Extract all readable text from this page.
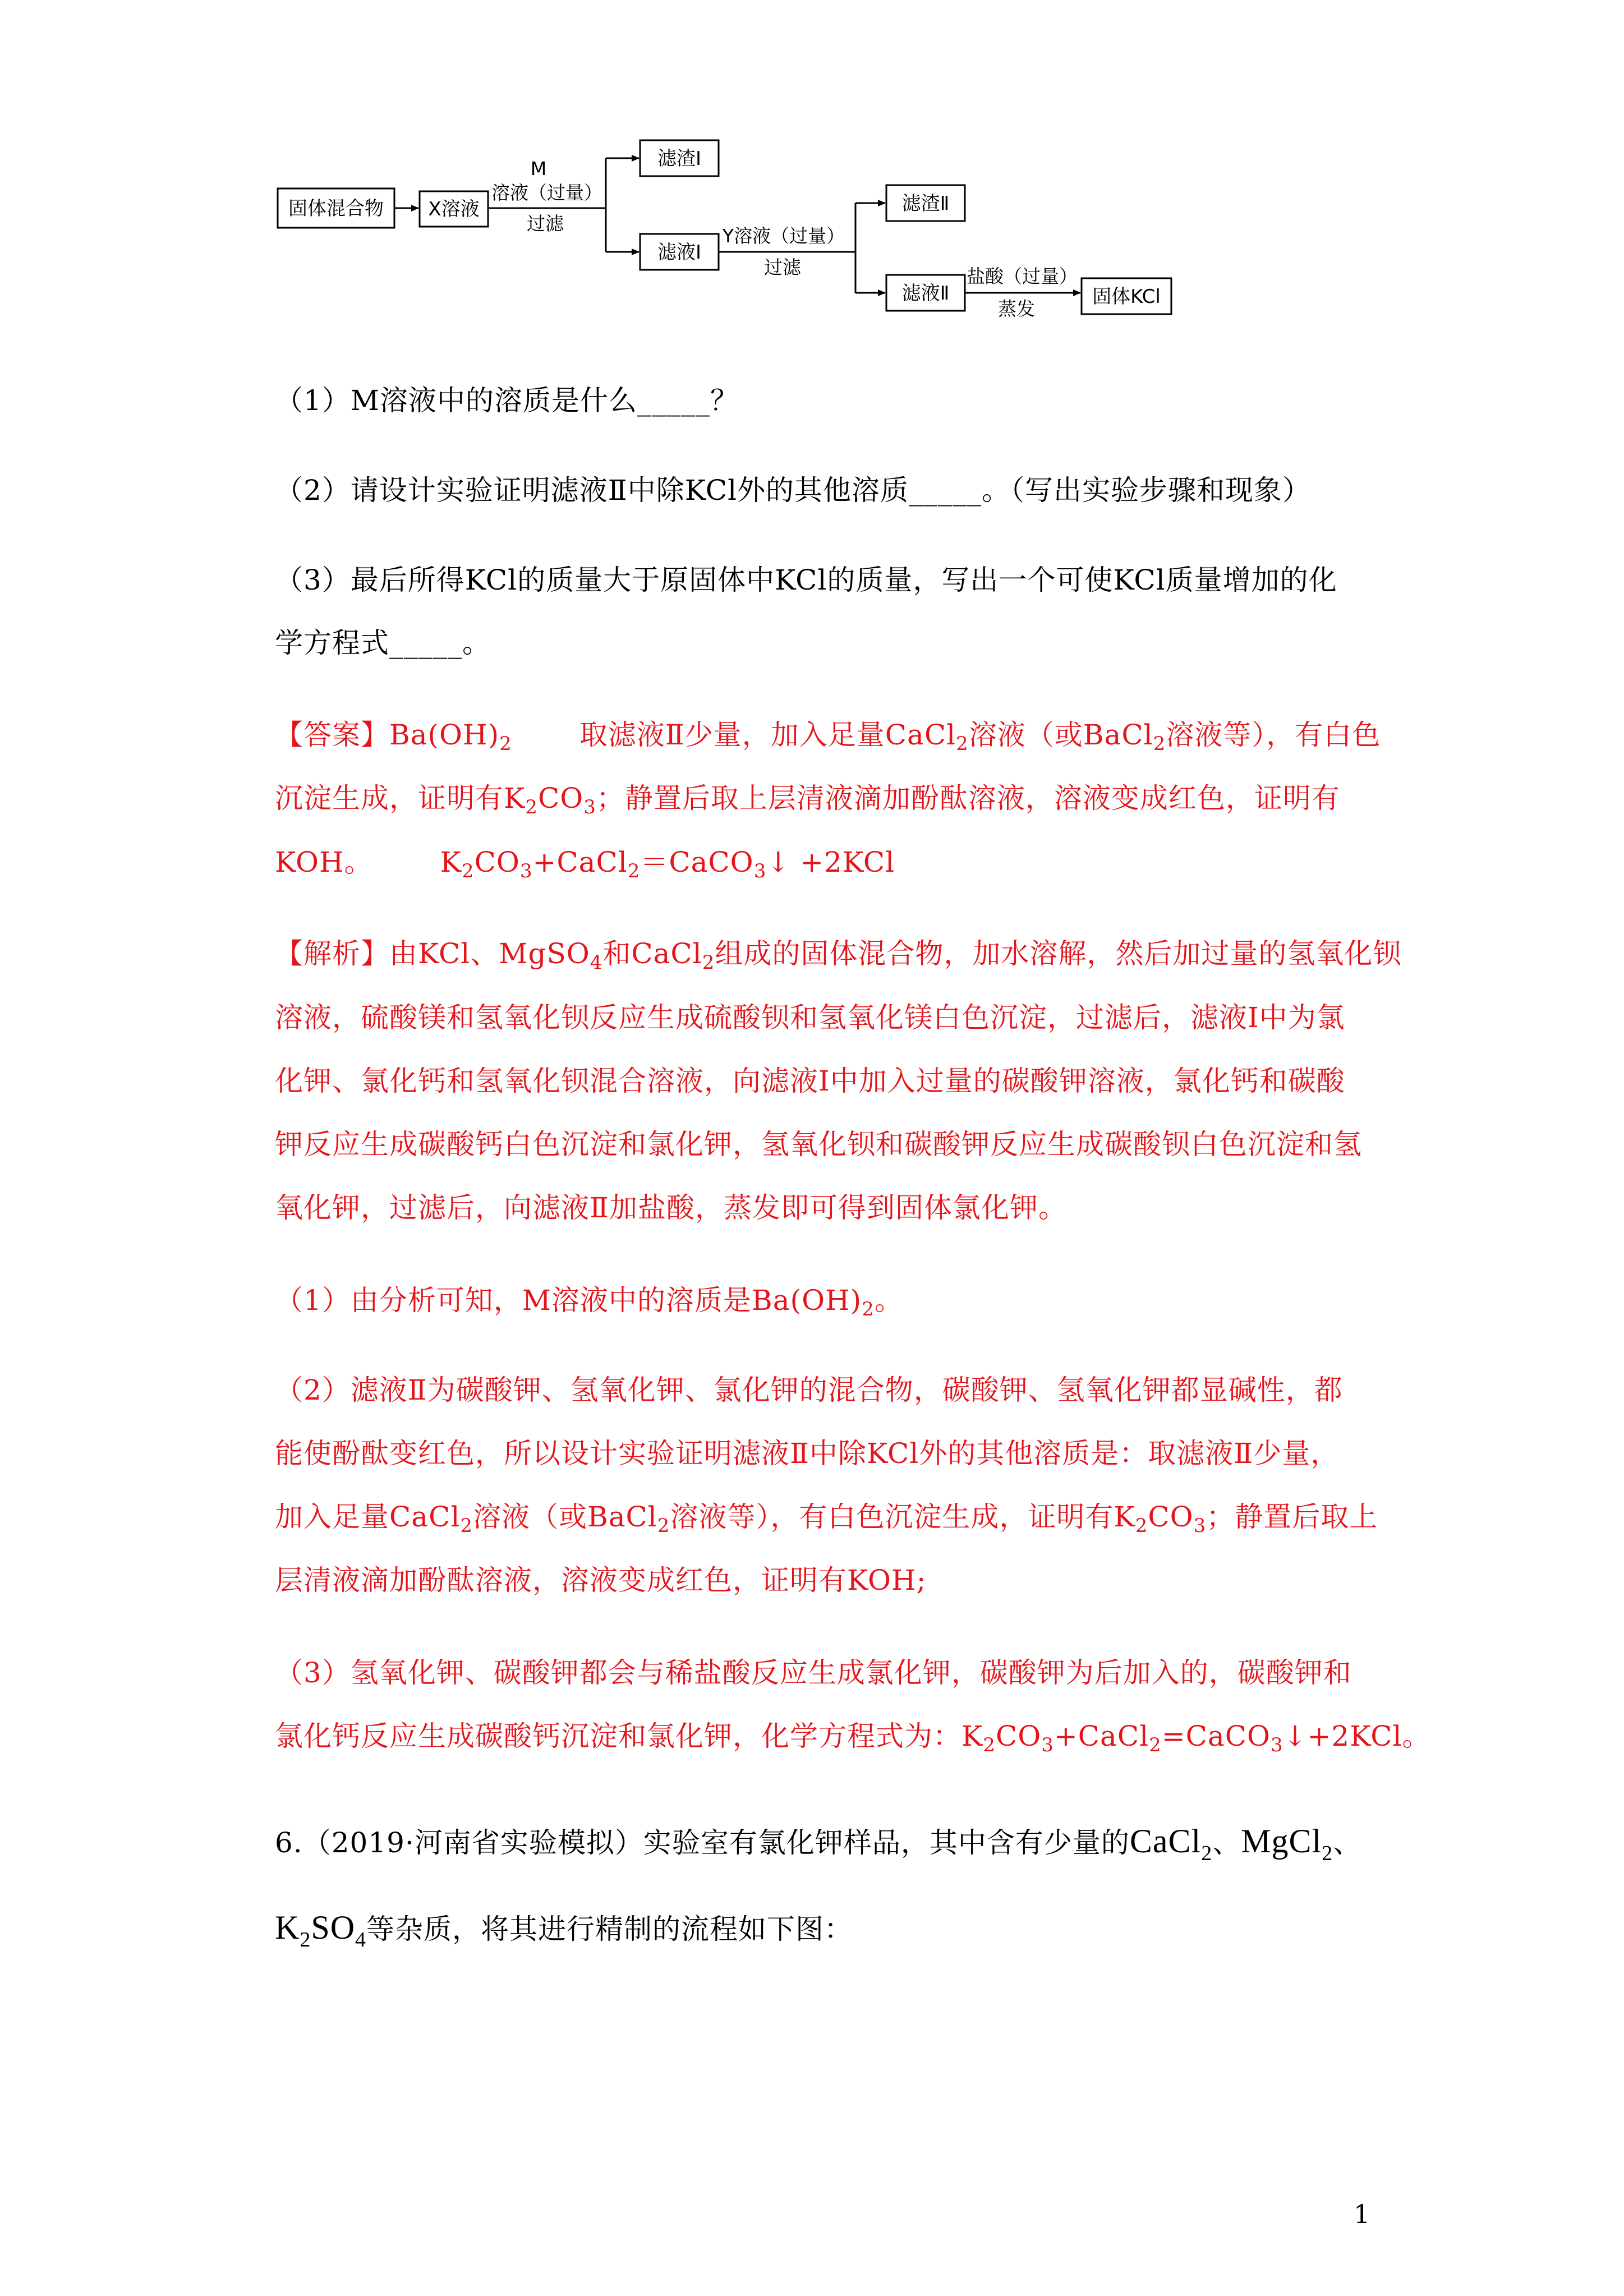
固体混合物 X溶液
M
溶液（过量）
过滤
滤渣Ⅰ
滤液Ⅰ
Y溶液（过量）
过滤
滤渣Ⅱ
滤液Ⅱ
盐酸（过量）
蒸发
固体KCl
（1）M溶液中的溶质是什么_____？
（2）请设计实验证明滤液Ⅱ中除KCl外的其他溶质_____。（写出实验步骤和现象）
（3）最后所得KCl的质量大于原固体中KCl的质量，写出一个可使KCl质量增加的化
学方程式_____。
【答案】$Ba(OH)_2$ 取滤液Ⅱ少量，加入足量CaCl$_2$溶液（或BaCl$_2$溶液等），有白色
沉淀生成，证明有$K_2CO_3$；静置后取上层清液滴加酚酞溶液，溶液变成红色，证明有
KOH。 $K_2CO_3+CaCl_2=CaCO_3↓ +2KCl$
【解析】由KCl、MgSO$_4$和CaCl$_2$组成的固体混合物，加水溶解，然后加过量的氢氧化钡
溶液，硫酸镁和氢氧化钡反应生成硫酸钡和氢氧化镁白色沉淀，过滤后，滤液Ⅰ中为氯
化钾、氯化钙和氢氧化钡混合溶液，向滤液Ⅰ中加入过量的碳酸钾溶液，氯化钙和碳酸
钾反应生成碳酸钙白色沉淀和氯化钾，氢氧化钡和碳酸钾反应生成碳酸钡白色沉淀和氢
氧化钾，过滤后，向滤液Ⅱ加盐酸，蒸发即可得到固体氯化钾。
（1）由分析可知，M溶液中的溶质是$Ba(OH)_2$。
（2）滤液Ⅱ为碳酸钾、氢氧化钾、氯化钾的混合物，碳酸钾、氢氧化钾都显碱性，都
能使酚酞变红色，所以设计实验证明滤液Ⅱ中除KCl外的其他溶质是：取滤液Ⅱ少量，
加入足量CaCl$_2$溶液（或BaCl$_2$溶液等），有白色沉淀生成，证明有$K_2CO_3$；静置后取上
层清液滴加酚酞溶液，溶液变成红色，证明有KOH;
（3）氢氧化钾、碳酸钾都会与稀盐酸反应生成氯化钾，碳酸钾为后加入的，碳酸钾和
氯化钙反应生成碳酸钙沉淀和氯化钾，化学方程式为：$K_2CO_3+CaCl_2=CaCO_3↓+2KCl$。
6.（2019·河南省实验模拟）实验室有氯化钾样品，其中含有少量的CaCl$_2$、MgCl$_2$、
$K_2SO_4$等杂质，将其进行精制的流程如下图：
1
